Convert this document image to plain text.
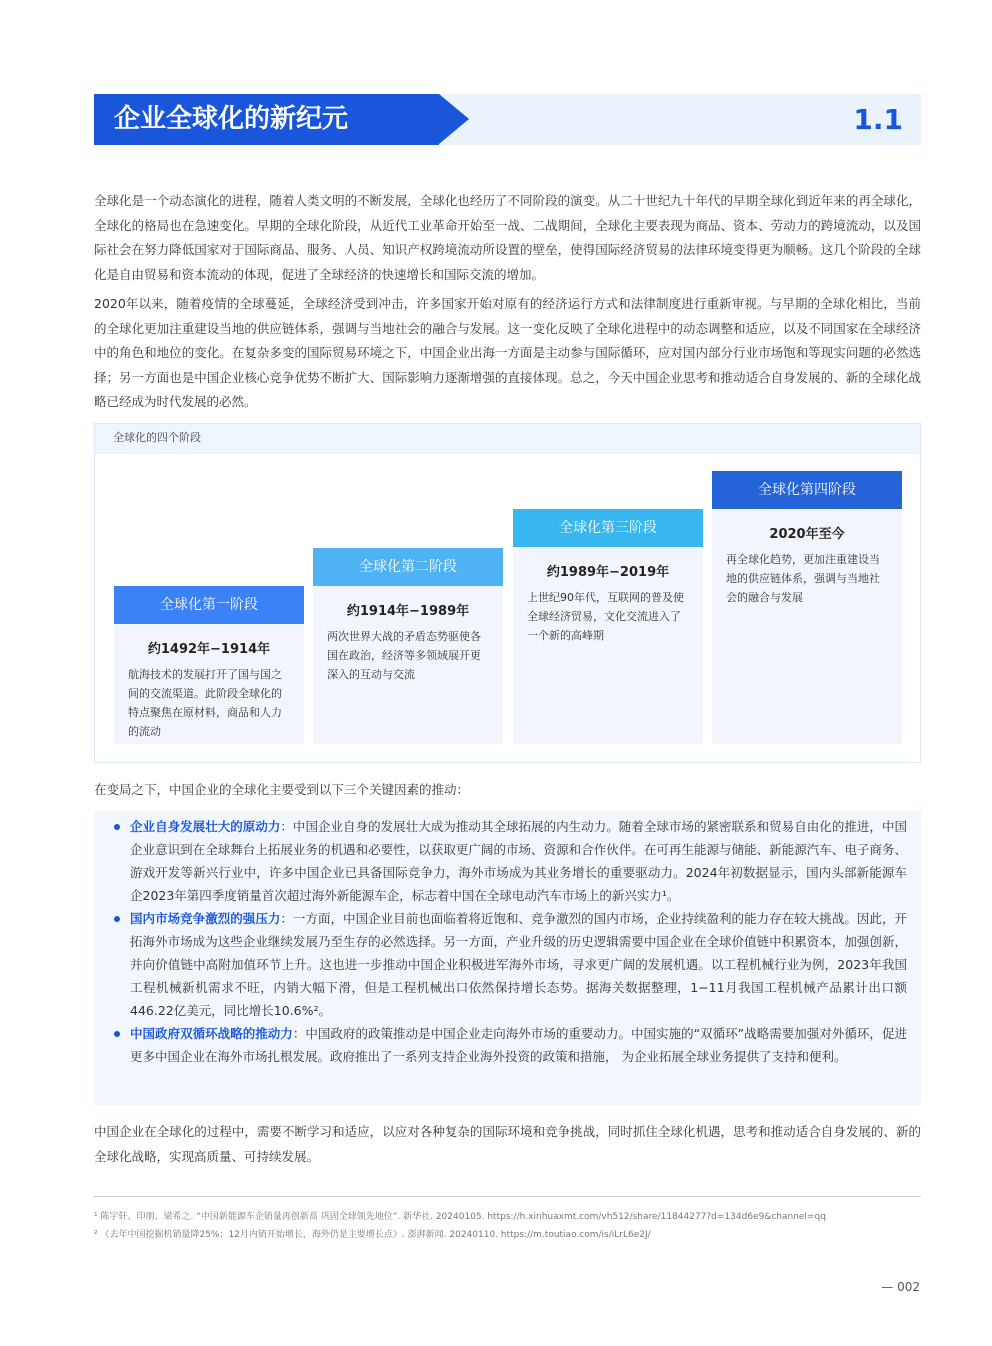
企业全球化的新纪元	1.1

全球化是一个动态演化的进程，随着人类文明的不断发展，全球化也经历了不同阶段的演变。从二十世纪九十年代的早期全球化到近年来的再全球化，全球化的格局也在急速变化。早期的全球化阶段，从近代工业革命开始至一战、二战期间，全球化主要表现为商品、资本、劳动力的跨境流动，以及国际社会在努力降低国家对于国际商品、服务、人员、知识产权跨境流动所设置的壁垒，使得国际经济贸易的法律环境变得更为顺畅。这几个阶段的全球化是自由贸易和资本流动的体现，促进了全球经济的快速增长和国际交流的增加。

2020年以来，随着疫情的全球蔓延，全球经济受到冲击，许多国家开始对原有的经济运行方式和法律制度进行重新审视。与早期的全球化相比，当前的全球化更加注重建设当地的供应链体系，强调与当地社会的融合与发展。这一变化反映了全球化进程中的动态调整和适应，以及不同国家在全球经济中的角色和地位的变化。在复杂多变的国际贸易环境之下，中国企业出海一方面是主动参与国际循环，应对国内部分行业市场饱和等现实问题的必然选择；另一方面也是中国企业核心竞争优势不断扩大、国际影响力逐渐增强的直接体现。总之，今天中国企业思考和推动适合自身发展的、新的全球化战略已经成为时代发展的必然。

全球化的四个阶段
全球化第一阶段
约1492年−1914年
航海技术的发展打开了国与国之间的交流渠道。此阶段全球化的特点聚焦在原材料，商品和人力的流动
全球化第二阶段
约1914年−1989年
两次世界大战的矛盾态势驱使各国在政治，经济等多领域展开更深入的互动与交流
全球化第三阶段
约1989年−2019年
上世纪90年代，互联网的普及使全球经济贸易，文化交流进入了一个新的高峰期
全球化第四阶段
2020年至今
再全球化趋势，更加注重建设当地的供应链体系，强调与当地社会的融合与发展

在变局之下，中国企业的全球化主要受到以下三个关键因素的推动：

企业自身发展壮大的原动力：中国企业自身的发展壮大成为推动其全球拓展的内生动力。随着全球市场的紧密联系和贸易自由化的推进，中国企业意识到在全球舞台上拓展业务的机遇和必要性，以获取更广阔的市场、资源和合作伙伴。在可再生能源与储能、新能源汽车、电子商务、游戏开发等新兴行业中，许多中国企业已具备国际竞争力，海外市场成为其业务增长的重要驱动力。2024年初数据显示，国内头部新能源车企2023年第四季度销量首次超过海外新能源车企，标志着中国在全球电动汽车市场上的新兴实力¹。
国内市场竞争激烈的强压力：一方面，中国企业目前也面临着将近饱和、竞争激烈的国内市场，企业持续盈利的能力存在较大挑战。因此，开拓海外市场成为这些企业继续发展乃至生存的必然选择。另一方面，产业升级的历史逻辑需要中国企业在全球价值链中积累资本，加强创新，并向价值链中高附加值环节上升。这也进一步推动中国企业积极进军海外市场，寻求更广阔的发展机遇。以工程机械行业为例，2023年我国工程机械新机需求不旺，内销大幅下滑，但是工程机械出口依然保持增长态势。据海关数据整理，1−11月我国工程机械产品累计出口额446.22亿美元，同比增长10.6%²。
中国政府双循环战略的推动力：中国政府的政策推动是中国企业走向海外市场的重要动力。中国实施的“双循环”战略需要加强对外循环，促进更多中国企业在海外市场扎根发展。政府推出了一系列支持企业海外投资的政策和措施， 为企业拓展全球业务提供了支持和便利。

中国企业在全球化的过程中，需要不断学习和适应，以应对各种复杂的国际环境和竞争挑战，同时抓住全球化机遇，思考和推动适合自身发展的、新的全球化战略，实现高质量、可持续发展。

¹ 陈宇轩、印朋、梁希之. “中国新能源车企销量再创新高 巩固全球领先地位”. 新华社. 20240105. https://h.xinhuaxmt.com/vh512/share/11844277?d=134d6e9&channel=qq
² 《去年中国挖掘机销量降25%；12月内销开始增长，海外仍是主要增长点》. 澎湃新闻. 20240110. https://m.toutiao.com/is/iLrL6e2J/
— 002
